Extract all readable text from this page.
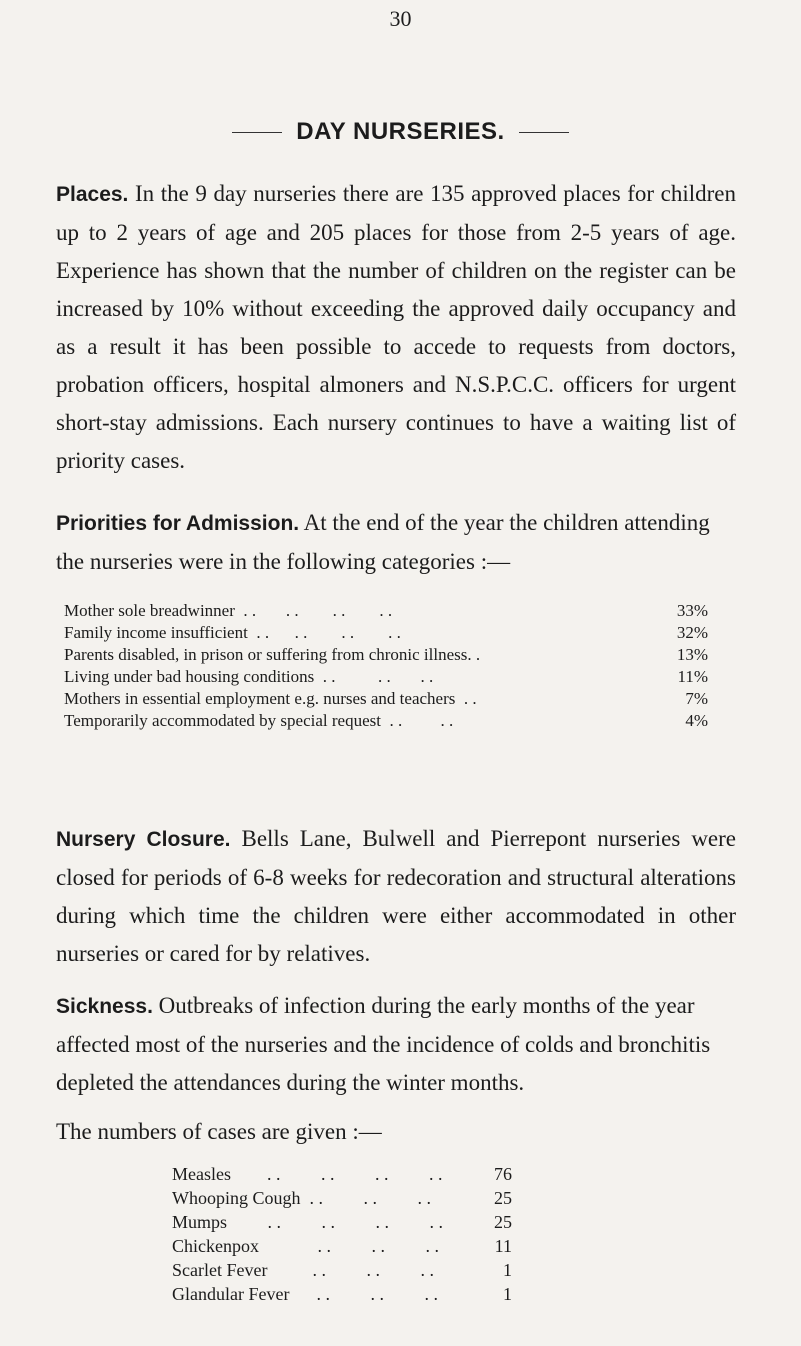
30
DAY NURSERIES.

Places. In the 9 day nurseries there are 135 approved places for children up to 2 years of age and 205 places for those from 2-5 years of age. Experience has shown that the number of children on the register can be increased by 10% without exceeding the approved daily occupancy and as a result it has been possible to accede to requests from doctors, probation officers, hospital almoners and N.S.P.C.C. officers for urgent short-stay admissions. Each nursery continues to have a waiting list of priority cases.

Priorities for Admission. At the end of the year the children attending the nurseries were in the following categories :—

Mother sole breadwinner  . .       . .        . .        . .	33%
Family income insufficient  . .      . .        . .        . .	32%
Parents disabled, in prison or suffering from chronic illness. .	13%
Living under bad housing conditions  . .          . .       . .	11%
Mothers in essential employment e.g. nurses and teachers  . .	7%
Temporarily accommodated by special request  . .         . .	4%

Nursery Closure. Bells Lane, Bulwell and Pierrepont nurseries were closed for periods of 6-8 weeks for redecoration and structural alterations during which time the children were either accommodated in other nurseries or cared for by relatives.

Sickness. Outbreaks of infection during the early months of the year affected most of the nurseries and the incidence of colds and bronchitis depleted the attendances during the winter months.

The numbers of cases are given :—

Measles        . .         . .         . .         . .	76
Whooping Cough  . .         . .         . .	25
Mumps         . .         . .         . .         . .	25
Chickenpox             . .         . .         . .	11
Scarlet Fever          . .         . .         . .	1
Glandular Fever      . .         . .         . .	1
